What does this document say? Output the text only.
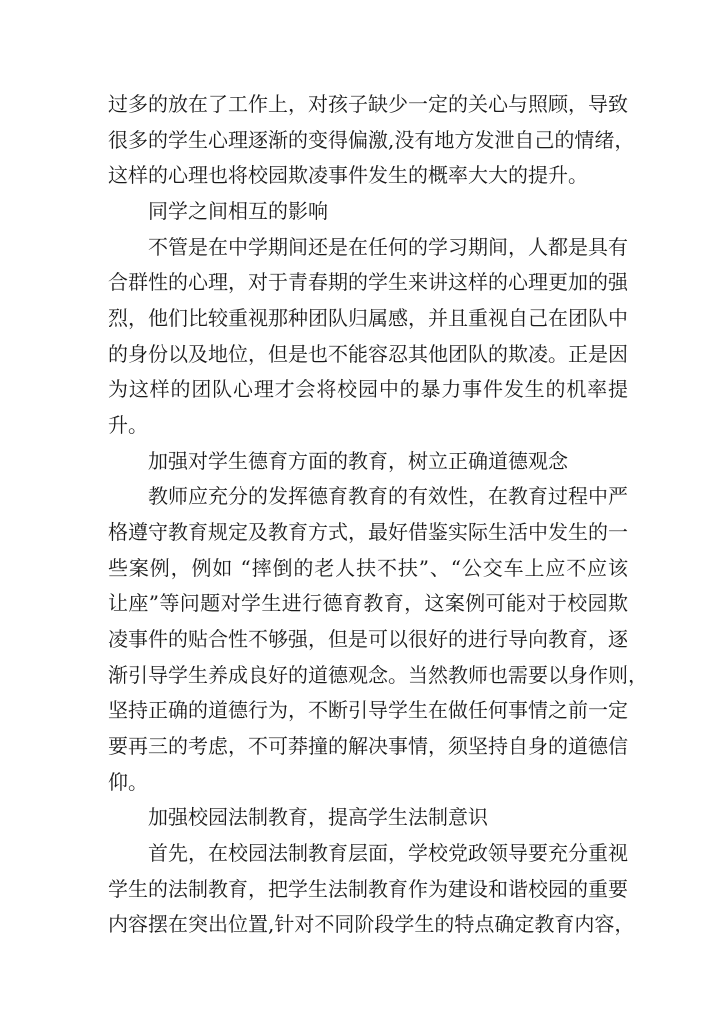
过多的放在了工作上，对孩子缺少一定的关心与照顾，导致
很多的学生心理逐渐的变得偏激,没有地方发泄自己的情绪，
这样的心理也将校园欺凌事件发生的概率大大的提升。
同学之间相互的影响
不管是在中学期间还是在任何的学习期间，人都是具有
合群性的心理，对于青春期的学生来讲这样的心理更加的强
烈，他们比较重视那种团队归属感，并且重视自己在团队中
的身份以及地位，但是也不能容忍其他团队的欺凌。正是因
为这样的团队心理才会将校园中的暴力事件发生的机率提
升。
加强对学生德育方面的教育，树立正确道德观念
教师应充分的发挥德育教育的有效性，在教育过程中严
格遵守教育规定及教育方式，最好借鉴实际生活中发生的一
些案例，例如 “摔倒的老人扶不扶”、“公交车上应不应该
让座”等问题对学生进行德育教育，这案例可能对于校园欺
凌事件的贴合性不够强，但是可以很好的进行导向教育，逐
渐引导学生养成良好的道德观念。当然教师也需要以身作则，
坚持正确的道德行为，不断引导学生在做任何事情之前一定
要再三的考虑，不可莽撞的解决事情，须坚持自身的道德信
仰。
加强校园法制教育，提高学生法制意识
首先，在校园法制教育层面，学校党政领导要充分重视
学生的法制教育，把学生法制教育作为建设和谐校园的重要
内容摆在突出位置,针对不同阶段学生的特点确定教育内容，
